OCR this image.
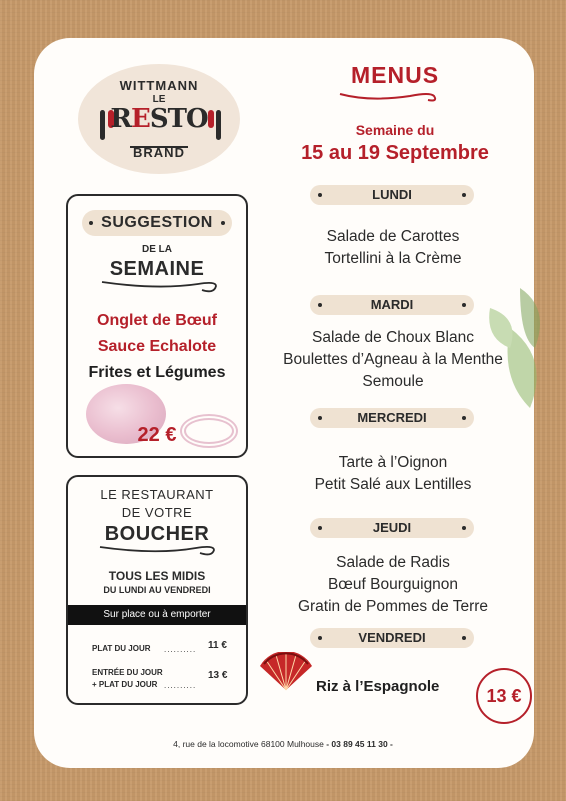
WITTMANN
LE
RESTO
BRAND
MENUS
Semaine du
15 au 19 Septembre
LUNDI
Salade de Carottes
Tortellini à la Crème
MARDI
Salade de Choux Blanc
Boulettes d’Agneau à la Menthe
Semoule
MERCREDI
Tarte à l’Oignon
Petit Salé aux Lentilles
JEUDI
Salade de Radis
Bœuf Bourguignon
Gratin de Pommes de Terre
VENDREDI
Riz à l’Espagnole	13 €
SUGGESTION
DE LA
SEMAINE
Onglet de Bœuf
Sauce Echalote
Frites et Légumes
22 €
LE RESTAURANT
DE VOTRE
BOUCHER
TOUS LES MIDIS
DU LUNDI AU VENDREDI
Sur place ou à emporter
PLAT DU JOUR .......... 11 €
ENTRÉE DU JOUR
+ PLAT DU JOUR ..........
13 €
4, rue de la locomotive 68100 Mulhouse - 03 89 45 11 30 -
